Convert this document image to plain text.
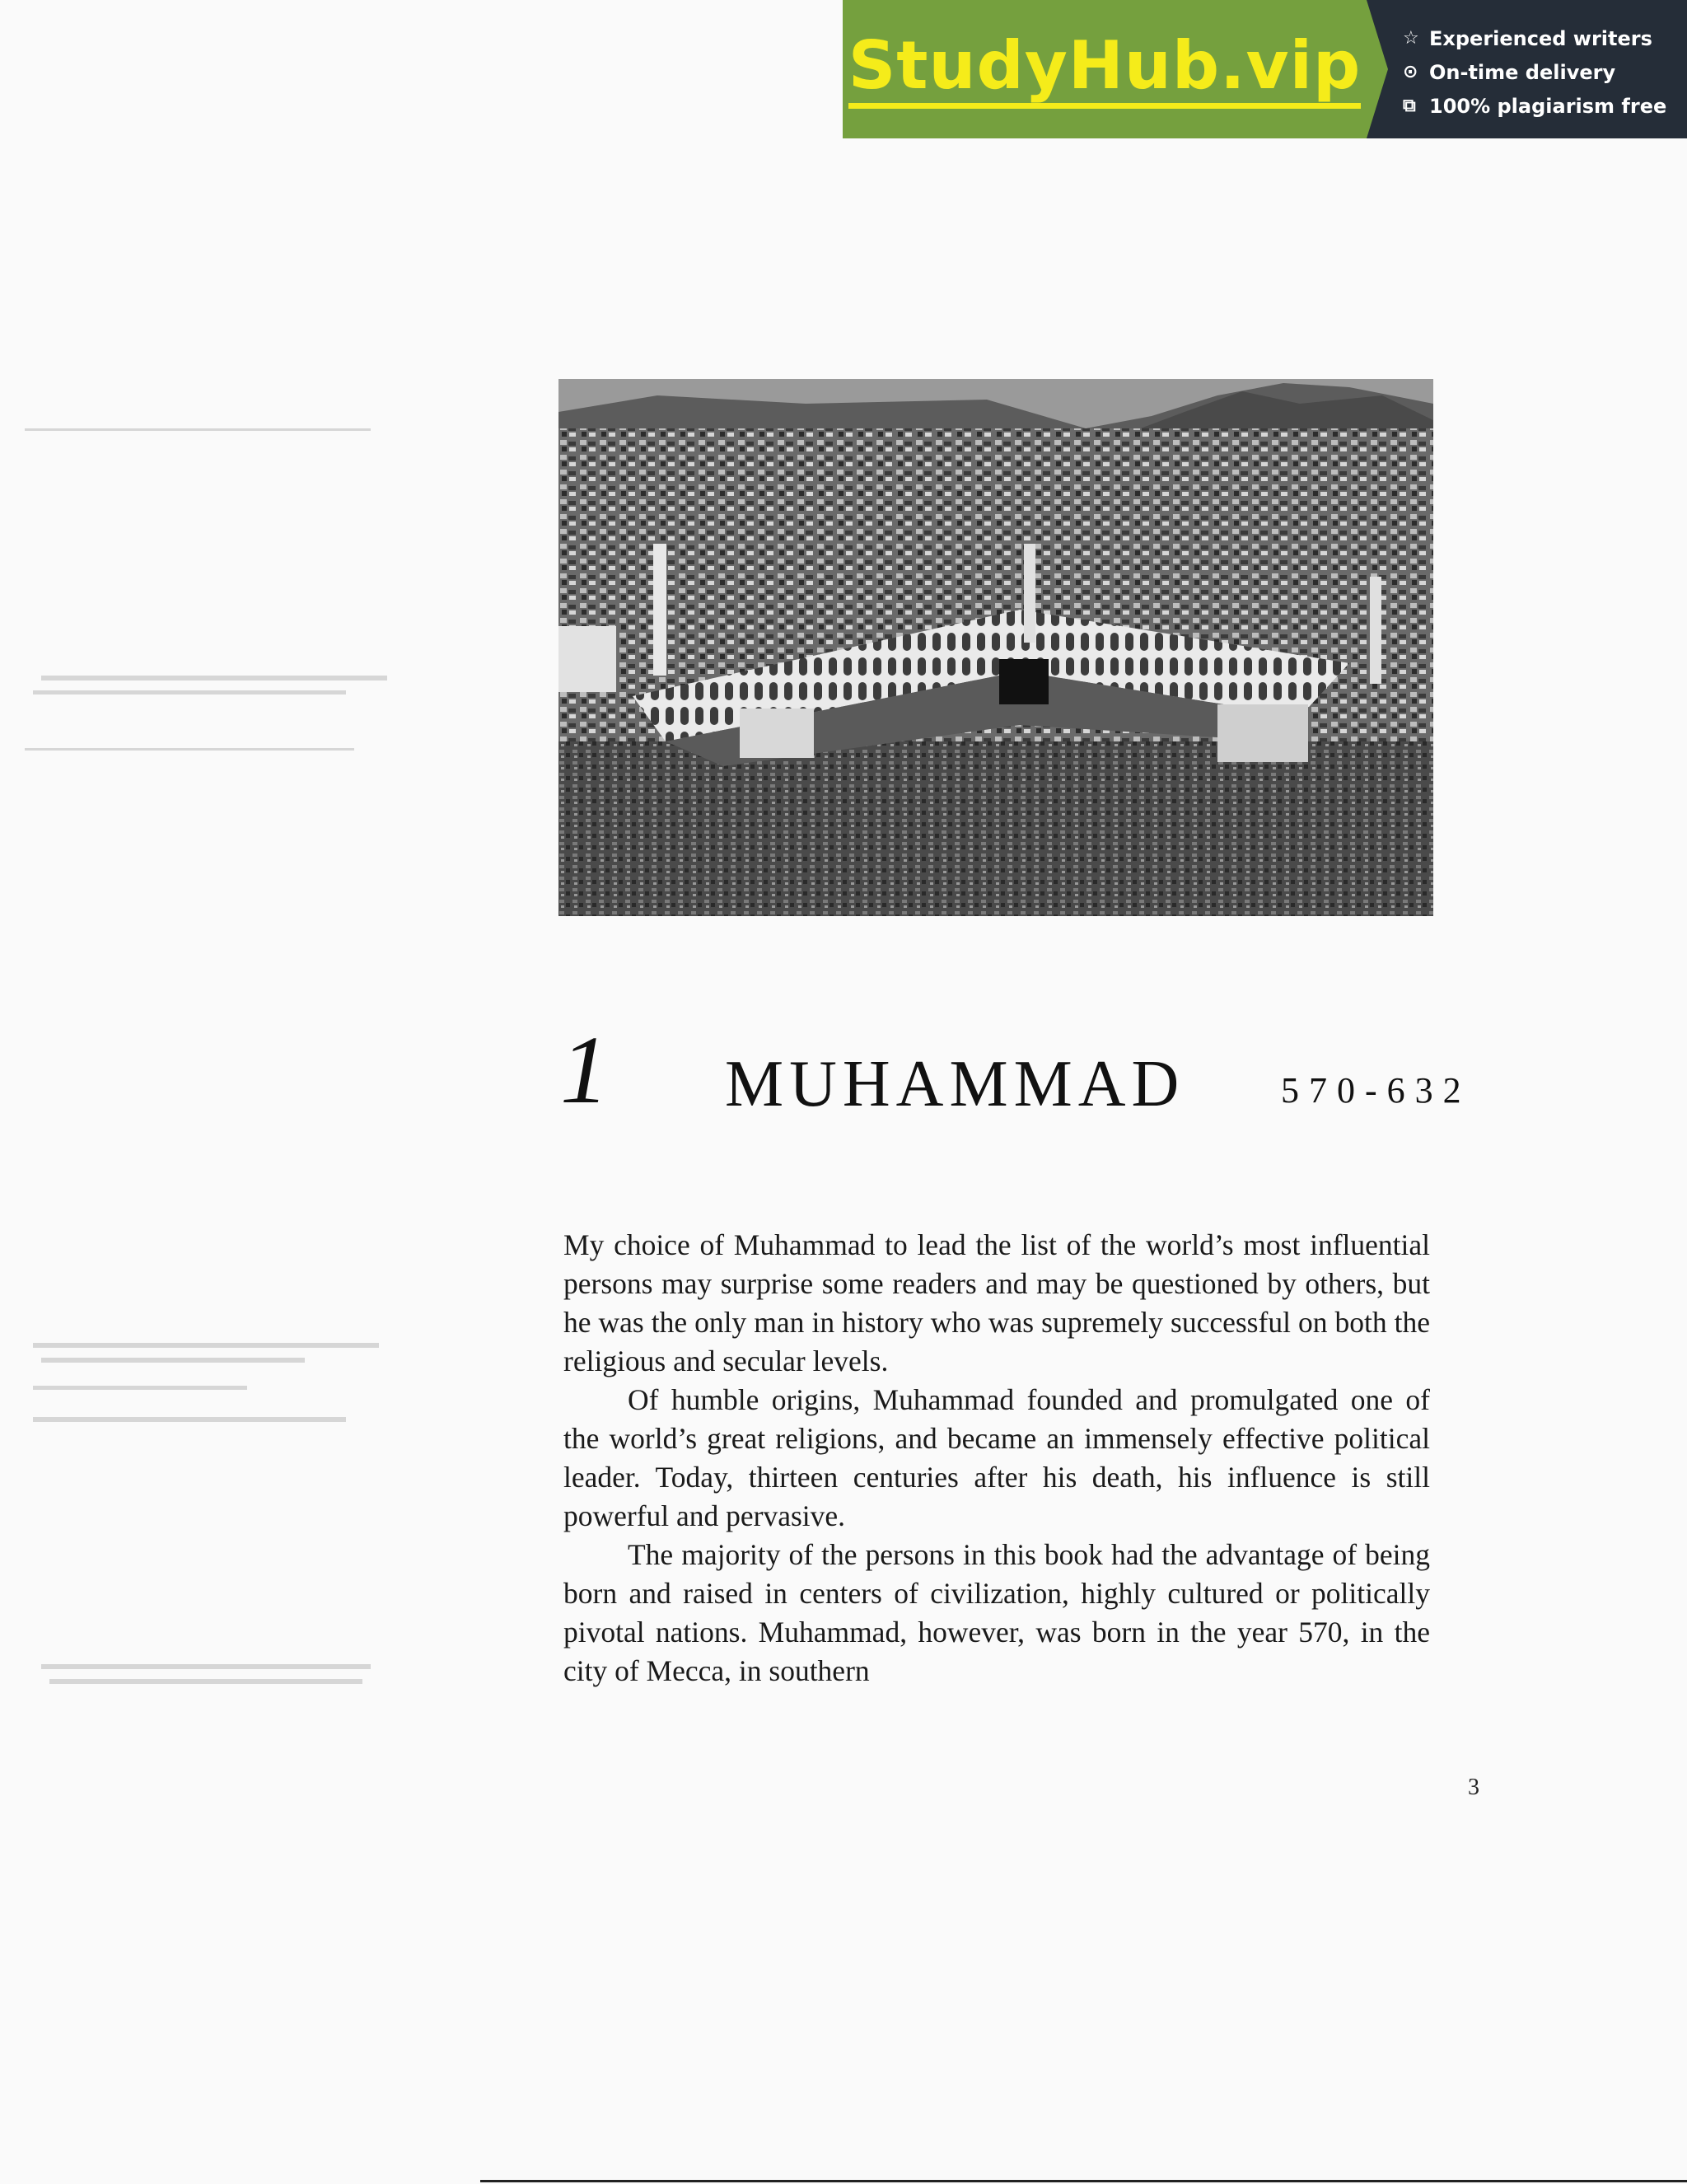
StudyHub.vip ☆ Experienced writers
⊙ On-time delivery
⧉ 100% plagiarism free
1 MUHAMMAD	570-632

My choice of Muhammad to lead the list of the world’s most influential persons may surprise some readers and may be questioned by others, but he was the only man in history who was supremely successful on both the religious and secular levels.

Of humble origins, Muhammad founded and promulgated one of the world’s great religions, and became an immensely effective political leader. Today, thirteen centuries after his death, his influence is still powerful and pervasive.

The majority of the persons in this book had the advantage of being born and raised in centers of civilization, highly cultured or politically pivotal nations. Muhammad, however, was born in the year 570, in the city of Mecca, in southern

3
